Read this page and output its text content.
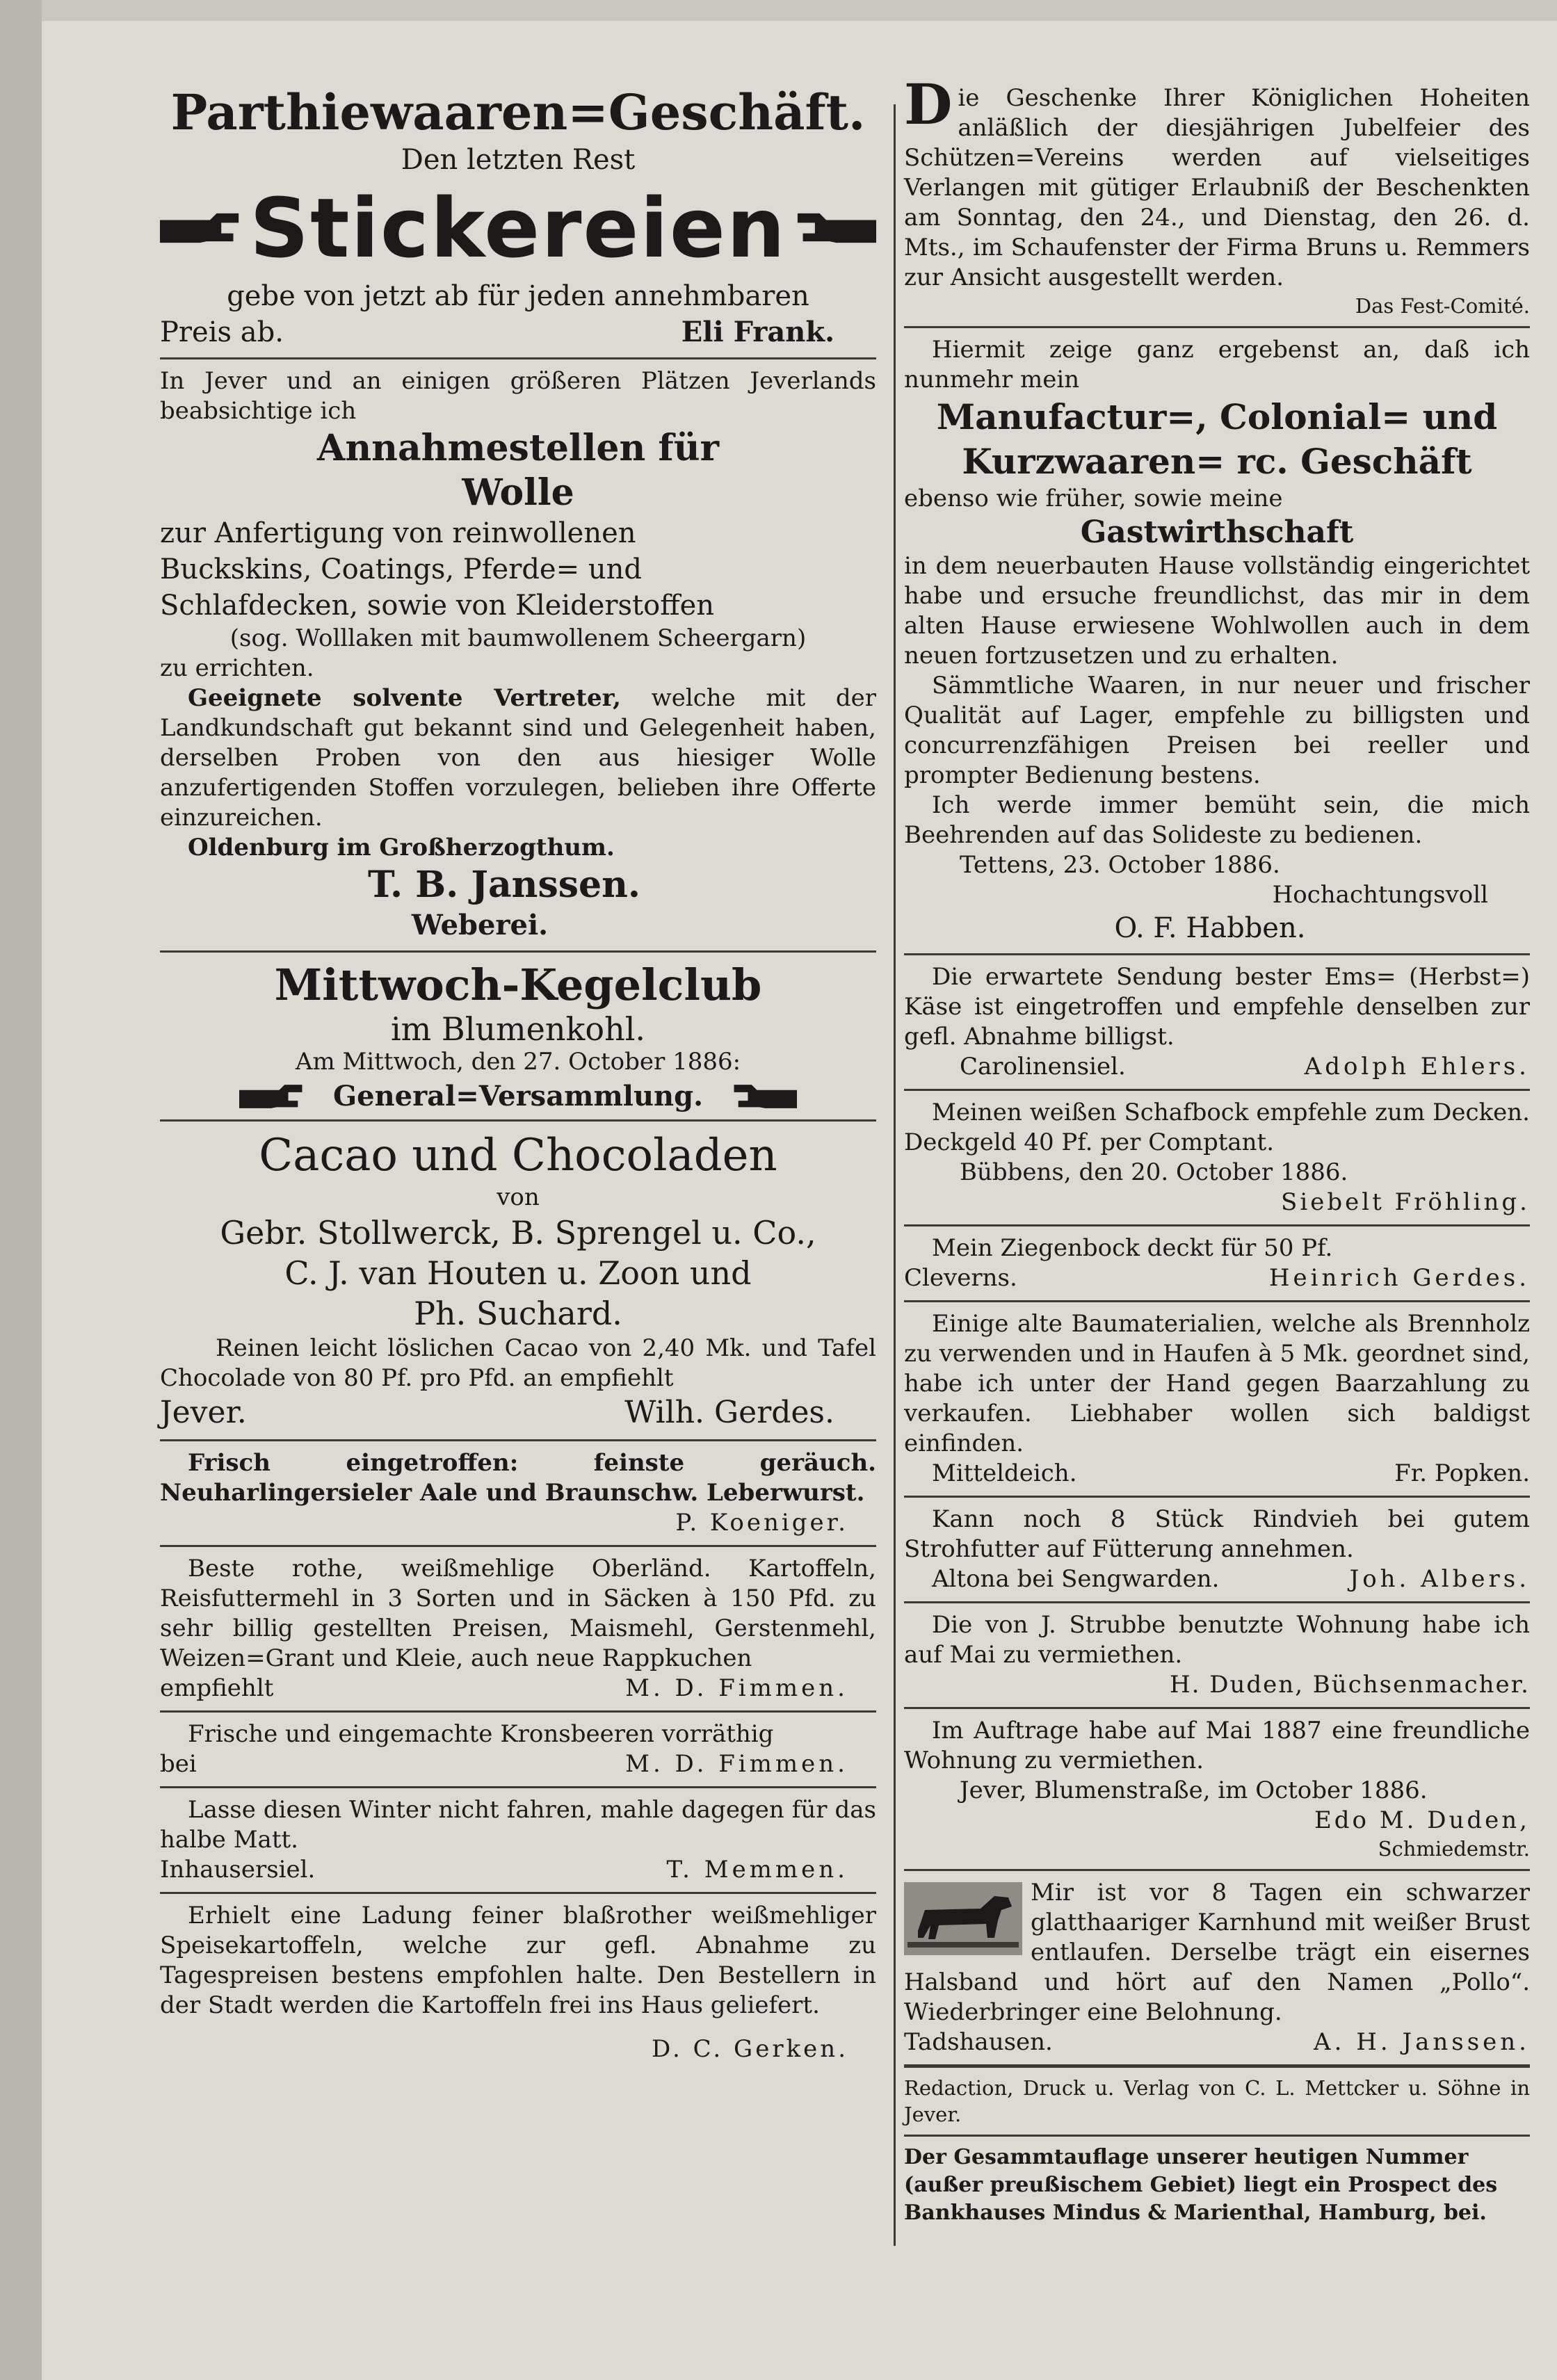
Parthiewaaren=Geschäft.

Den letzten Rest

Stickereien

gebe von jetzt ab für jeden annehmbaren

Preis ab.	Eli Frank.

In Jever und an einigen größeren Plätzen Jeverlands beabsichtige ich

Annahmestellen für

Wolle

zur Anfertigung von reinwollenen

Buckskins, Coatings, Pferde= und

Schlafdecken, sowie von Kleiderstoffen

(sog. Wolllaken mit baumwollenem Scheergarn)

zu errichten.

Geeignete solvente Vertreter, welche mit der Landkundschaft gut bekannt sind und Gelegenheit haben, derselben Proben von den aus hiesiger Wolle anzufertigenden Stoffen vorzulegen, belieben ihre Offerte einzureichen.

Oldenburg im Großherzogthum.

T. B. Janssen.

Weberei.

Mittwoch-Kegelclub

im Blumenkohl.

Am Mittwoch, den 27. October 1886:

General=Versammlung.

Cacao und Chocoladen

von

Gebr. Stollwerck, B. Sprengel u. Co.,

C. J. van Houten u. Zoon und

Ph. Suchard.

Reinen leicht löslichen Cacao von 2,40 Mk. und Tafel Chocolade von 80 Pf. pro Pfd. an empfiehlt

Jever.	Wilh. Gerdes.

Frisch eingetroffen: feinste geräuch. Neuharlingersieler Aale und Braunschw. Leberwurst.

P. Koeniger.

Beste rothe, weißmehlige Oberländ. Kartoffeln, Reisfuttermehl in 3 Sorten und in Säcken à 150 Pfd. zu sehr billig gestellten Preisen, Maismehl, Gerstenmehl, Weizen=Grant und Kleie, auch neue Rappkuchen

empfiehlt	M. D. Fimmen.

Frische und eingemachte Kronsbeeren vorräthig

bei	M. D. Fimmen.

Lasse diesen Winter nicht fahren, mahle dagegen für das halbe Matt.

Inhausersiel.	T. Memmen.

Erhielt eine Ladung feiner blaßrother weißmehliger Speisekartoffeln, welche zur gefl. Abnahme zu Tagespreisen bestens empfohlen halte. Den Bestellern in der Stadt werden die Kartoffeln frei ins Haus geliefert.

D. C. Gerken.

Die Geschenke Ihrer Königlichen Hoheiten anläßlich der diesjährigen Jubelfeier des Schützen=Vereins werden auf vielseitiges Verlangen mit gütiger Erlaubniß der Beschenkten am Sonntag, den 24., und Dienstag, den 26. d. Mts., im Schaufenster der Firma Bruns u. Remmers zur Ansicht ausgestellt werden.

Das Fest-Comité.

Hiermit zeige ganz ergebenst an, daß ich nunmehr mein

Manufactur=, Colonial= und

Kurzwaaren= rc. Geschäft

ebenso wie früher, sowie meine

Gastwirthschaft

in dem neuerbauten Hause vollständig eingerichtet habe und ersuche freundlichst, das mir in dem alten Hause erwiesene Wohlwollen auch in dem neuen fortzusetzen und zu erhalten.

Sämmtliche Waaren, in nur neuer und frischer Qualität auf Lager, empfehle zu billigsten und concurrenzfähigen Preisen bei reeller und prompter Bedienung bestens.

Ich werde immer bemüht sein, die mich Beehrenden auf das Solideste zu bedienen.

Tettens, 23. October 1886.

Hochachtungsvoll

O. F. Habben.

Die erwartete Sendung bester Ems= (Herbst=) Käse ist eingetroffen und empfehle denselben zur gefl. Abnahme billigst.

Carolinensiel.	Adolph Ehlers.

Meinen weißen Schafbock empfehle zum Decken. Deckgeld 40 Pf. per Comptant.

Bübbens, den 20. October 1886.

Siebelt Fröhling.

Mein Ziegenbock deckt für 50 Pf.

Cleverns.	Heinrich Gerdes.

Einige alte Baumaterialien, welche als Brennholz zu verwenden und in Haufen à 5 Mk. geordnet sind, habe ich unter der Hand gegen Baarzahlung zu verkaufen. Liebhaber wollen sich baldigst einfinden.

Mitteldeich.	Fr. Popken.

Kann noch 8 Stück Rindvieh bei gutem Strohfutter auf Fütterung annehmen.

Altona bei Sengwarden.	Joh. Albers.

Die von J. Strubbe benutzte Wohnung habe ich auf Mai zu vermiethen.

H. Duden, Büchsenmacher.

Im Auftrage habe auf Mai 1887 eine freundliche Wohnung zu vermiethen.

Jever, Blumenstraße, im October 1886.

Edo M. Duden,

Schmiedemstr.

Mir ist vor 8 Tagen ein schwarzer glatthaariger Karnhund mit weißer Brust entlaufen. Derselbe trägt ein eisernes Halsband und hört auf den Namen „Pollo“. Wiederbringer eine Belohnung.

Tadshausen.	A. H. Janssen.

Redaction, Druck u. Verlag von C. L. Mettcker u. Söhne in Jever.

Der Gesammtauflage unserer heutigen Nummer (außer preußischem Gebiet) liegt ein Prospect des Bankhauses Mindus & Marienthal, Hamburg, bei.
